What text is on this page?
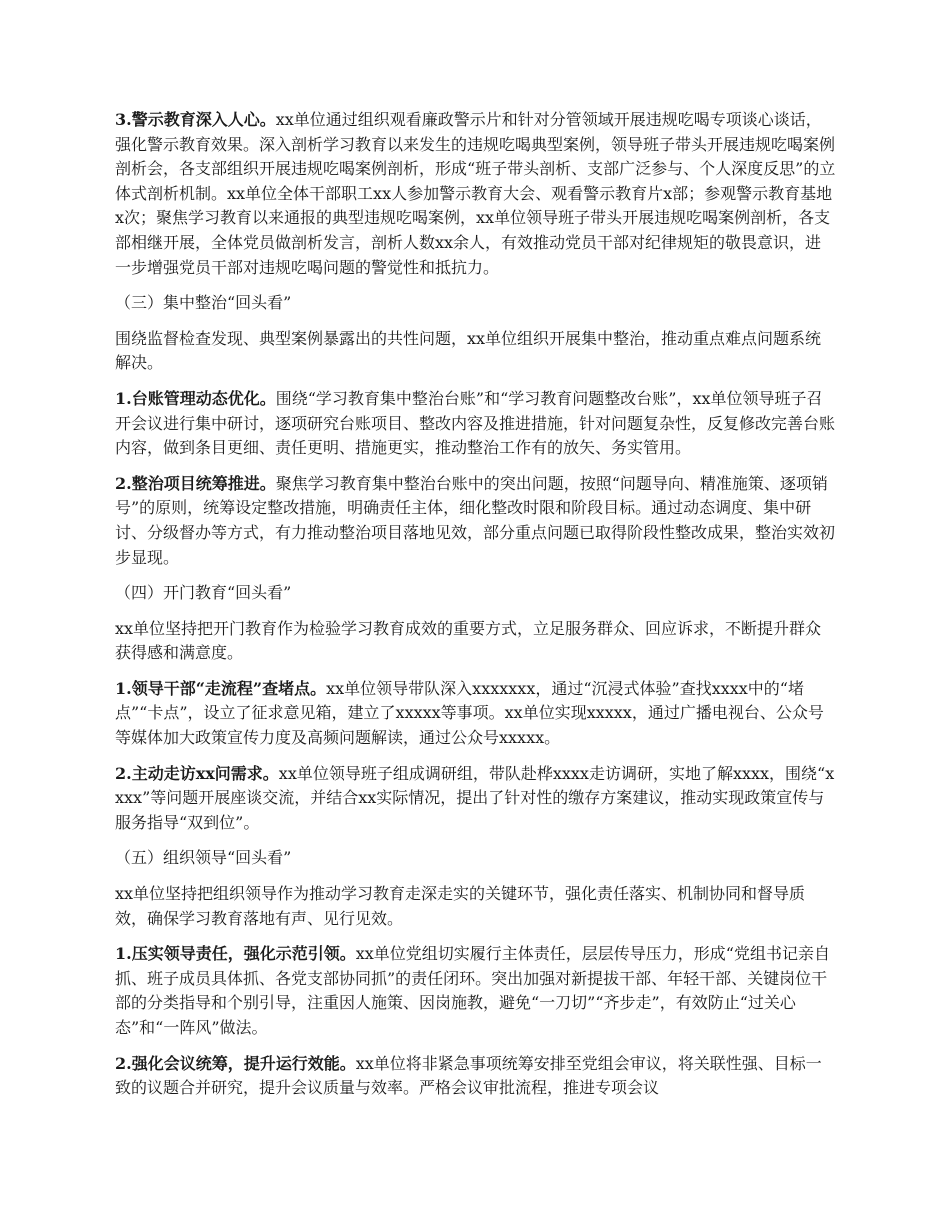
3.警示教育深入人心。xx单位通过组织观看廉政警示片和针对分管领域开展违规吃喝专项谈心谈话，强化警示教育效果。深入剖析学习教育以来发生的违规吃喝典型案例，领导班子带头开展违规吃喝案例剖析会，各支部组织开展违规吃喝案例剖析，形成“班子带头剖析、支部广泛参与、个人深度反思”的立体式剖析机制。xx单位全体干部职工xx人参加警示教育大会、观看警示教育片x部；参观警示教育基地x次；聚焦学习教育以来通报的典型违规吃喝案例，xx单位领导班子带头开展违规吃喝案例剖析，各支部相继开展，全体党员做剖析发言，剖析人数xx余人，有效推动党员干部对纪律规矩的敬畏意识，进一步增强党员干部对违规吃喝问题的警觉性和抵抗力。

（三）集中整治“回头看”

围绕监督检查发现、典型案例暴露出的共性问题，xx单位组织开展集中整治，推动重点难点问题系统解决。

1.台账管理动态优化。围绕“学习教育集中整治台账”和“学习教育问题整改台账”，xx单位领导班子召开会议进行集中研讨，逐项研究台账项目、整改内容及推进措施，针对问题复杂性，反复修改完善台账内容，做到条目更细、责任更明、措施更实，推动整治工作有的放矢、务实管用。

2.整治项目统筹推进。聚焦学习教育集中整治台账中的突出问题，按照“问题导向、精准施策、逐项销号”的原则，统筹设定整改措施，明确责任主体，细化整改时限和阶段目标。通过动态调度、集中研讨、分级督办等方式，有力推动整治项目落地见效，部分重点问题已取得阶段性整改成果，整治实效初步显现。

（四）开门教育“回头看”

xx单位坚持把开门教育作为检验学习教育成效的重要方式，立足服务群众、回应诉求，不断提升群众获得感和满意度。

1.领导干部“走流程”查堵点。xx单位领导带队深入xxxxxxx，通过“沉浸式体验”查找xxxx中的“堵点”“卡点”，设立了征求意见箱，建立了xxxxx等事项。xx单位实现xxxxx，通过广播电视台、公众号等媒体加大政策宣传力度及高频问题解读，通过公众号xxxxx。

2.主动走访xx问需求。xx单位领导班子组成调研组，带队赴桦xxxx走访调研，实地了解xxxx，围绕“xxxx”等问题开展座谈交流，并结合xx实际情况，提出了针对性的缴存方案建议，推动实现政策宣传与服务指导“双到位”。

（五）组织领导“回头看”

xx单位坚持把组织领导作为推动学习教育走深走实的关键环节，强化责任落实、机制协同和督导质效，确保学习教育落地有声、见行见效。

1.压实领导责任，强化示范引领。xx单位党组切实履行主体责任，层层传导压力，形成“党组书记亲自抓、班子成员具体抓、各党支部协同抓”的责任闭环。突出加强对新提拔干部、年轻干部、关键岗位干部的分类指导和个别引导，注重因人施策、因岗施教，避免“一刀切”“齐步走”，有效防止“过关心态”和“一阵风”做法。

2.强化会议统筹，提升运行效能。xx单位将非紧急事项统筹安排至党组会审议，将关联性强、目标一致的议题合并研究，提升会议质量与效率。严格会议审批流程，推进专项会议
